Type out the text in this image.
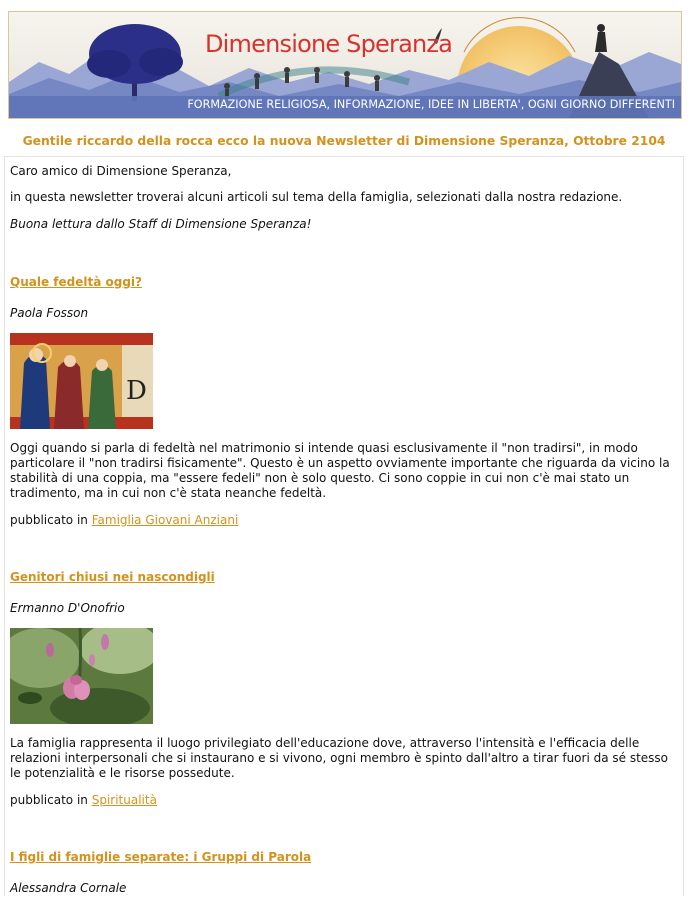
Dimensione Speranza
FORMAZIONE RELIGIOSA, INFORMAZIONE, IDEE IN LIBERTA', OGNI GIORNO DIFFERENTI
Gentile riccardo della rocca ecco la nuova Newsletter di Dimensione Speranza, Ottobre 2104

Caro amico di Dimensione Speranza,

in questa newsletter troverai alcuni articoli sul tema della famiglia, selezionati dalla nostra redazione.

Buona lettura dallo Staff di Dimensione Speranza!

Quale fedeltà oggi?

Paola Fosson

D

Oggi quando si parla di fedeltà nel matrimonio si intende quasi esclusivamente il "non tradirsi", in modo particolare il "non tradirsi fisicamente". Questo è un aspetto ovviamente importante che riguarda da vicino la stabilità di una coppia, ma "essere fedeli" non è solo questo. Ci sono coppie in cui non c'è mai stato un tradimento, ma in cui non c'è stata neanche fedeltà.

pubblicato in Famiglia Giovani Anziani

Genitori chiusi nei nascondigli

Ermanno D'Onofrio

La famiglia rappresenta il luogo privilegiato dell'educazione dove, attraverso l'intensità e l'efficacia delle relazioni interpersonali che si instaurano e si vivono, ogni membro è spinto dall'altro a tirar fuori da sé stesso le potenzialità e le risorse possedute.

pubblicato in Spiritualità

I figli di famiglie separate: i Gruppi di Parola

Alessandra Cornale
